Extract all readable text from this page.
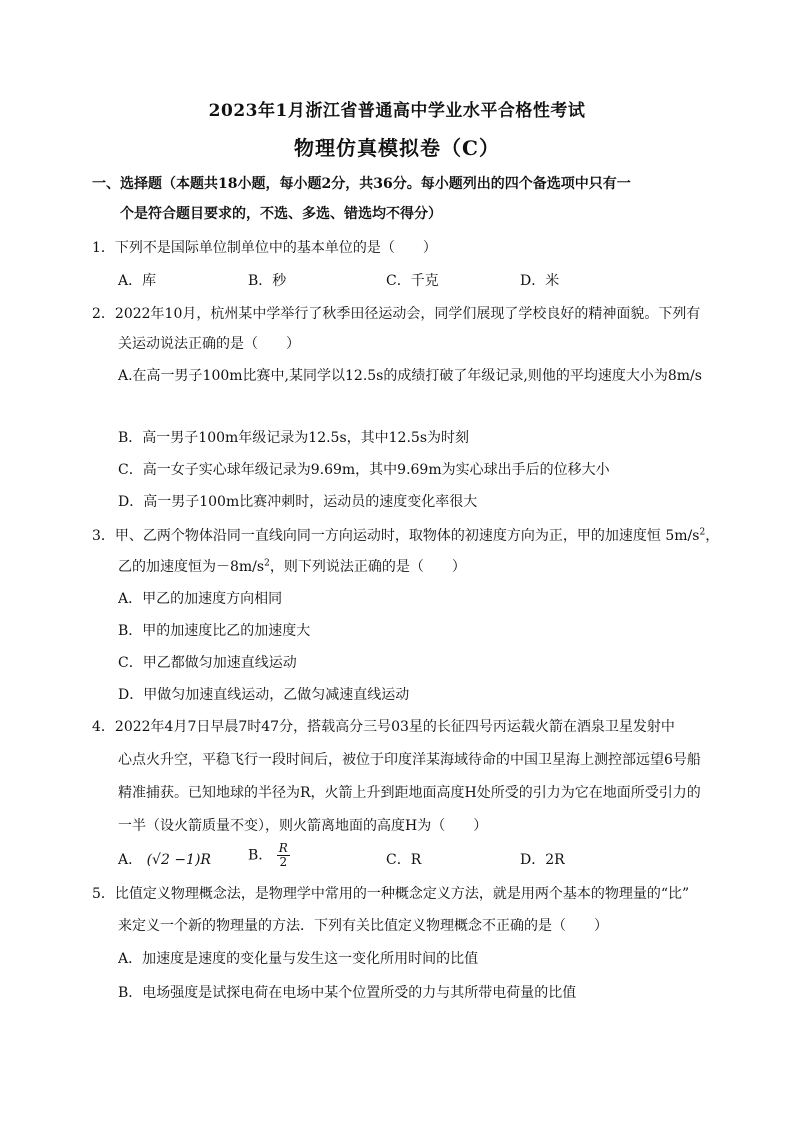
2023年1月浙江省普通高中学业水平合格性考试
物理仿真模拟卷（C）
一、选择题（本题共18小题，每小题2分，共36分。每小题列出的四个备选项中只有一
个是符合题目要求的，不选、多选、错选均不得分）
1．下列不是国际单位制单位中的基本单位的是（　　）
A．库	B．秒	C．千克	D．米
2．2022年10月，杭州某中学举行了秋季田径运动会，同学们展现了学校良好的精神面貌。下列有
关运动说法正确的是（　　）
A.在高一男子100m比赛中,某同学以12.5s的成绩打破了年级记录,则他的平均速度大小为8m/s
B．高一男子100m年级记录为12.5s，其中12.5s为时刻
C．高一女子实心球年级记录为9.69m，其中9.69m为实心球出手后的位移大小
D．高一男子100m比赛冲刺时，运动员的速度变化率很大
3．甲、乙两个物体沿同一直线向同一方向运动时，取物体的初速度方向为正，甲的加速度恒 $5m/s^2$，
乙的加速度恒为$-8m/s^2$，则下列说法正确的是（　　）
A．甲乙的加速度方向相同
B．甲的加速度比乙的加速度大
C．甲乙都做匀加速直线运动
D．甲做匀加速直线运动，乙做匀减速直线运动
4．2022年4月7日早晨7时47分，搭载高分三号03星的长征四号丙运载火箭在酒泉卫星发射中
心点火升空，平稳飞行一段时间后，被位于印度洋某海域待命的中国卫星海上测控部远望6号船
精准捕获。已知地球的半径为R，火箭上升到距地面高度H处所受的引力为它在地面所受引力的
一半（设火箭质量不变），则火箭离地面的高度H为（　　）
A． (√2 −1)R	B． $\frac{R}{2}$	C．R	D．2R
5．比值定义物理概念法，是物理学中常用的一种概念定义方法，就是用两个基本的物理量的“比”
来定义一个新的物理量的方法．下列有关比值定义物理概念不正确的是（　　）
A．加速度是速度的变化量与发生这一变化所用时间的比值
B．电场强度是试探电荷在电场中某个位置所受的力与其所带电荷量的比值
